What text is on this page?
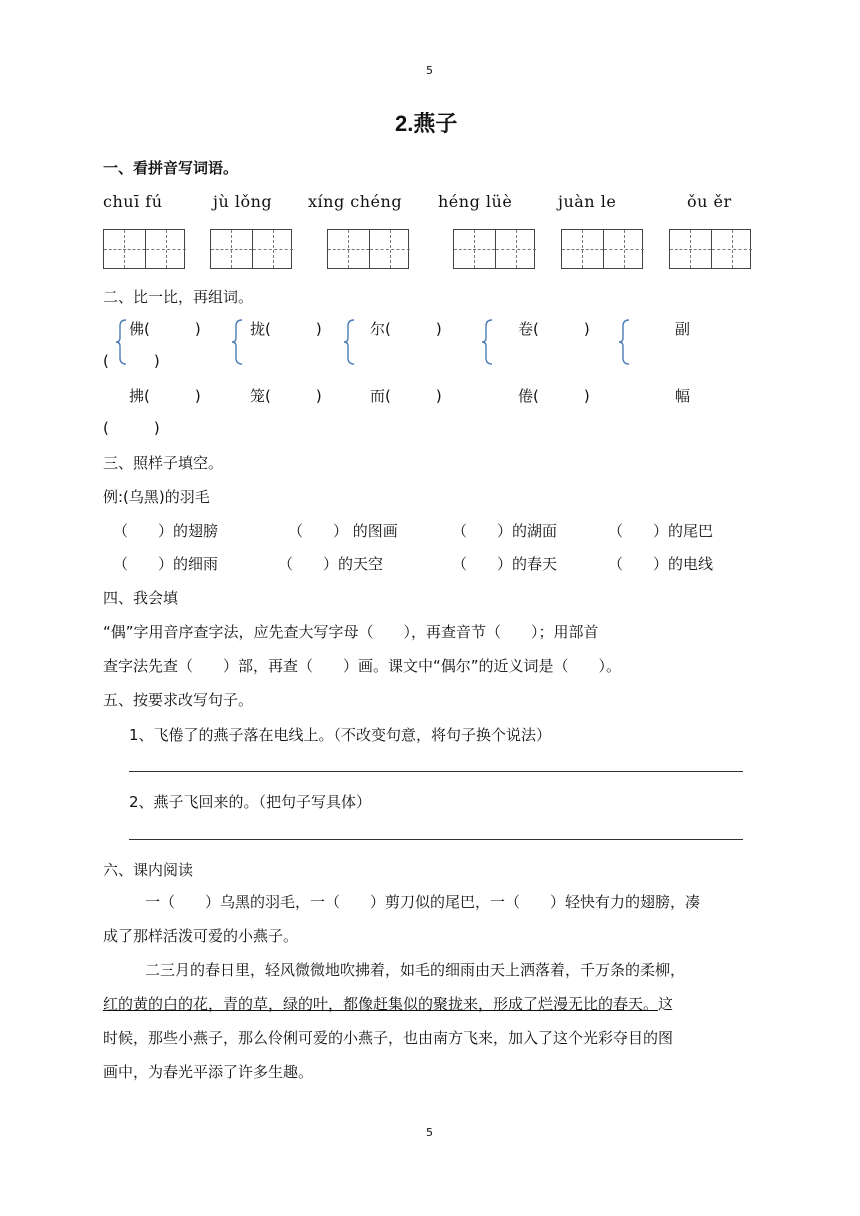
5
2.燕子
一、看拼音写词语。
chuī fú	jù lǒng xíng chéng héng lüè	juàn le	ǒu ěr
二、比一比，再组词。
佛(　　　)	拢(　　　)	尔(　　　)	卷(　　　)	副
(　　　)
拂(　　　)	笼(　　　)	而(　　　)	倦(　　　)	幅
(　　　)
三、照样子填空。
例:(乌黑)的羽毛
（　　）的翅膀	（　　） 的图画	（　　）的湖面	（　　）的尾巴
（　　）的细雨	（　　）的天空	（　　）的春天	（　　）的电线
四、我会填
“偶”字用音序查字法，应先查大写字母（　　），再查音节（　　）；用部首
查字法先查（　　）部，再查（　　）画。课文中“偶尔”的近义词是（　　）。
五、按要求改写句子。
1、飞倦了的燕子落在电线上。（不改变句意，将句子换个说法）
2、燕子飞回来的。（把句子写具体）
六、课内阅读
一（　　）乌黑的羽毛，一（　　）剪刀似的尾巴，一（　　）轻快有力的翅膀，凑
成了那样活泼可爱的小燕子。
二三月的春日里，轻风微微地吹拂着，如毛的细雨由天上洒落着，千万条的柔柳，
红的黄的白的花，青的草，绿的叶，都像赶集似的聚拢来，形成了烂漫无比的春天。这
时候，那些小燕子，那么伶俐可爱的小燕子，也由南方飞来，加入了这个光彩夺目的图
画中，为春光平添了许多生趣。
5
